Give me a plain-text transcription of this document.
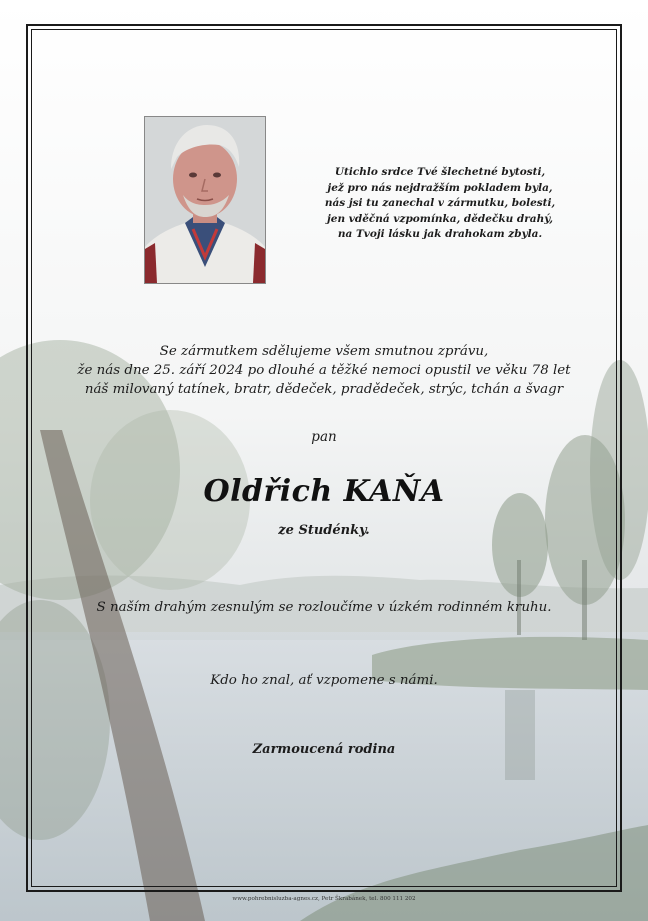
Utichlo srdce Tvé šlechetné bytosti,
jež pro nás nejdražším pokladem byla,
nás jsi tu zanechal v zármutku, bolesti,
jen vděčná vzpomínka, dědečku drahý,
na Tvoji lásku jak drahokam zbyla.
Se zármutkem sdělujeme všem smutnou zprávu,
že nás dne 25. září 2024 po dlouhé a těžké nemoci opustil ve věku 78 let
náš milovaný tatínek, bratr, dědeček, pradědeček, strýc, tchán a švagr
pan
Oldřich KAŇA
ze Studénky.
S naším drahým zesnulým se rozloučíme v úzkém rodinném kruhu.
Kdo ho znal, ať vzpomene s námi.
Zarmoucená rodina
www.pohrebnisluzba-agnes.cz, Petr Škrabánek, tel. 800 111 202
